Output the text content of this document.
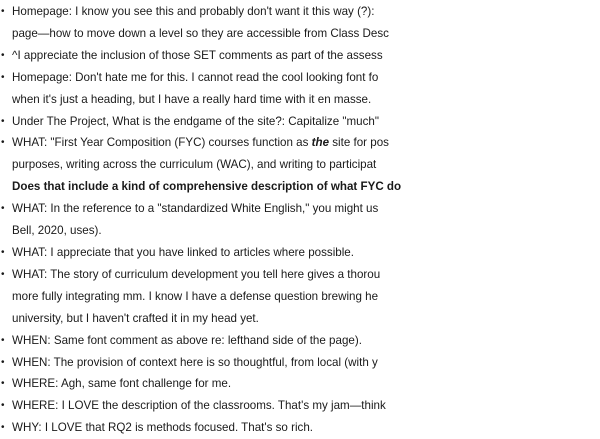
• Homepage: I know you see this and probably don't want it this way (?):
page—how to move down a level so they are accessible from Class Desc
• ^I appreciate the inclusion of those SET comments as part of the assess
• Homepage: Don't hate me for this. I cannot read the cool looking font fo
when it's just a heading, but I have a really hard time with it en masse.
• Under The Project, What is the endgame of the site?: Capitalize "much"
• WHAT: "First Year Composition (FYC) courses function as the site for pos
purposes, writing across the curriculum (WAC), and writing to participat
Does that include a kind of comprehensive description of what FYC do
• WHAT: In the reference to a "standardized White English," you might us
Bell, 2020, uses).
• WHAT: I appreciate that you have linked to articles where possible.
• WHAT: The story of curriculum development you tell here gives a thorou
more fully integrating mm. I know I have a defense question brewing he
university, but I haven't crafted it in my head yet.
• WHEN: Same font comment as above re: lefthand side of the page).
• WHEN: The provision of context here is so thoughtful, from local (with y
• WHERE: Agh, same font challenge for me.
• WHERE: I LOVE the description of the classrooms. That's my jam—think
• WHY: I LOVE that RQ2 is methods focused. That's so rich.
